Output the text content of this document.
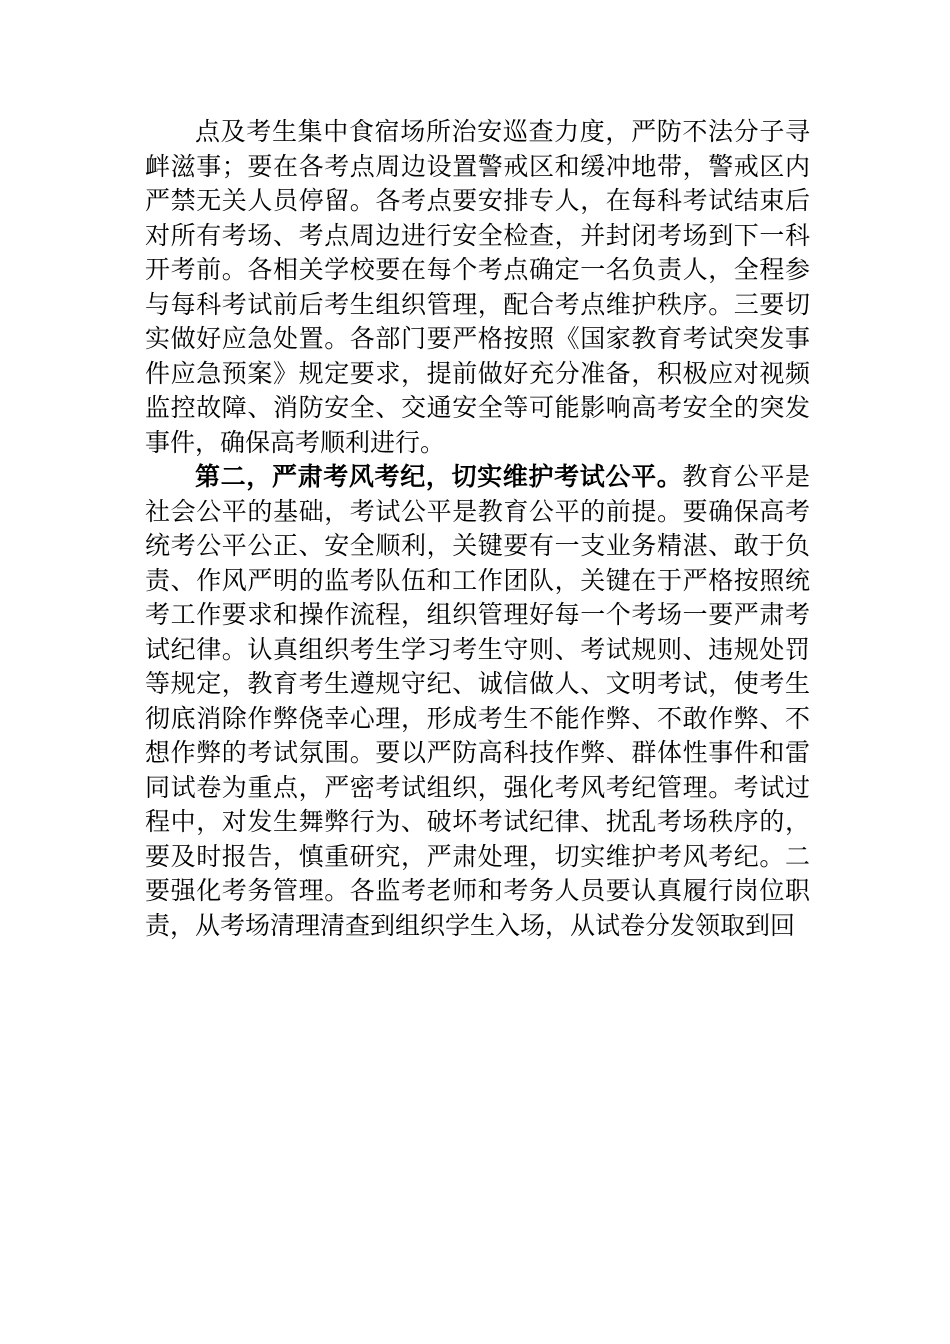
点及考生集中食宿场所治安巡查力度，严防不法分子寻衅滋事；要在各考点周边设置警戒区和缓冲地带，警戒区内严禁无关人员停留。各考点要安排专人，在每科考试结束后对所有考场、考点周边进行安全检查，并封闭考场到下一科开考前。各相关学校要在每个考点确定一名负责人，全程参与每科考试前后考生组织管理，配合考点维护秩序。三要切实做好应急处置。各部门要严格按照《国家教育考试突发事件应急预案》规定要求，提前做好充分准备，积极应对视频监控故障、消防安全、交通安全等可能影响高考安全的突发事件，确保高考顺利进行。

第二，严肃考风考纪，切实维护考试公平。教育公平是社会公平的基础，考试公平是教育公平的前提。要确保高考统考公平公正、安全顺利，关键要有一支业务精湛、敢于负责、作风严明的监考队伍和工作团队，关键在于严格按照统考工作要求和操作流程，组织管理好每一个考场一要严肃考试纪律。认真组织考生学习考生守则、考试规则、违规处罚等规定，教育考生遵规守纪、诚信做人、文明考试，使考生彻底消除作弊侥幸心理，形成考生不能作弊、不敢作弊、不想作弊的考试氛围。要以严防高科技作弊、群体性事件和雷同试卷为重点，严密考试组织，强化考风考纪管理。考试过程中，对发生舞弊行为、破坏考试纪律、扰乱考场秩序的，要及时报告，慎重研究，严肃处理，切实维护考风考纪。二要强化考务管理。各监考老师和考务人员要认真履行岗位职责，从考场清理清查到组织学生入场，从试卷分发领取到回
